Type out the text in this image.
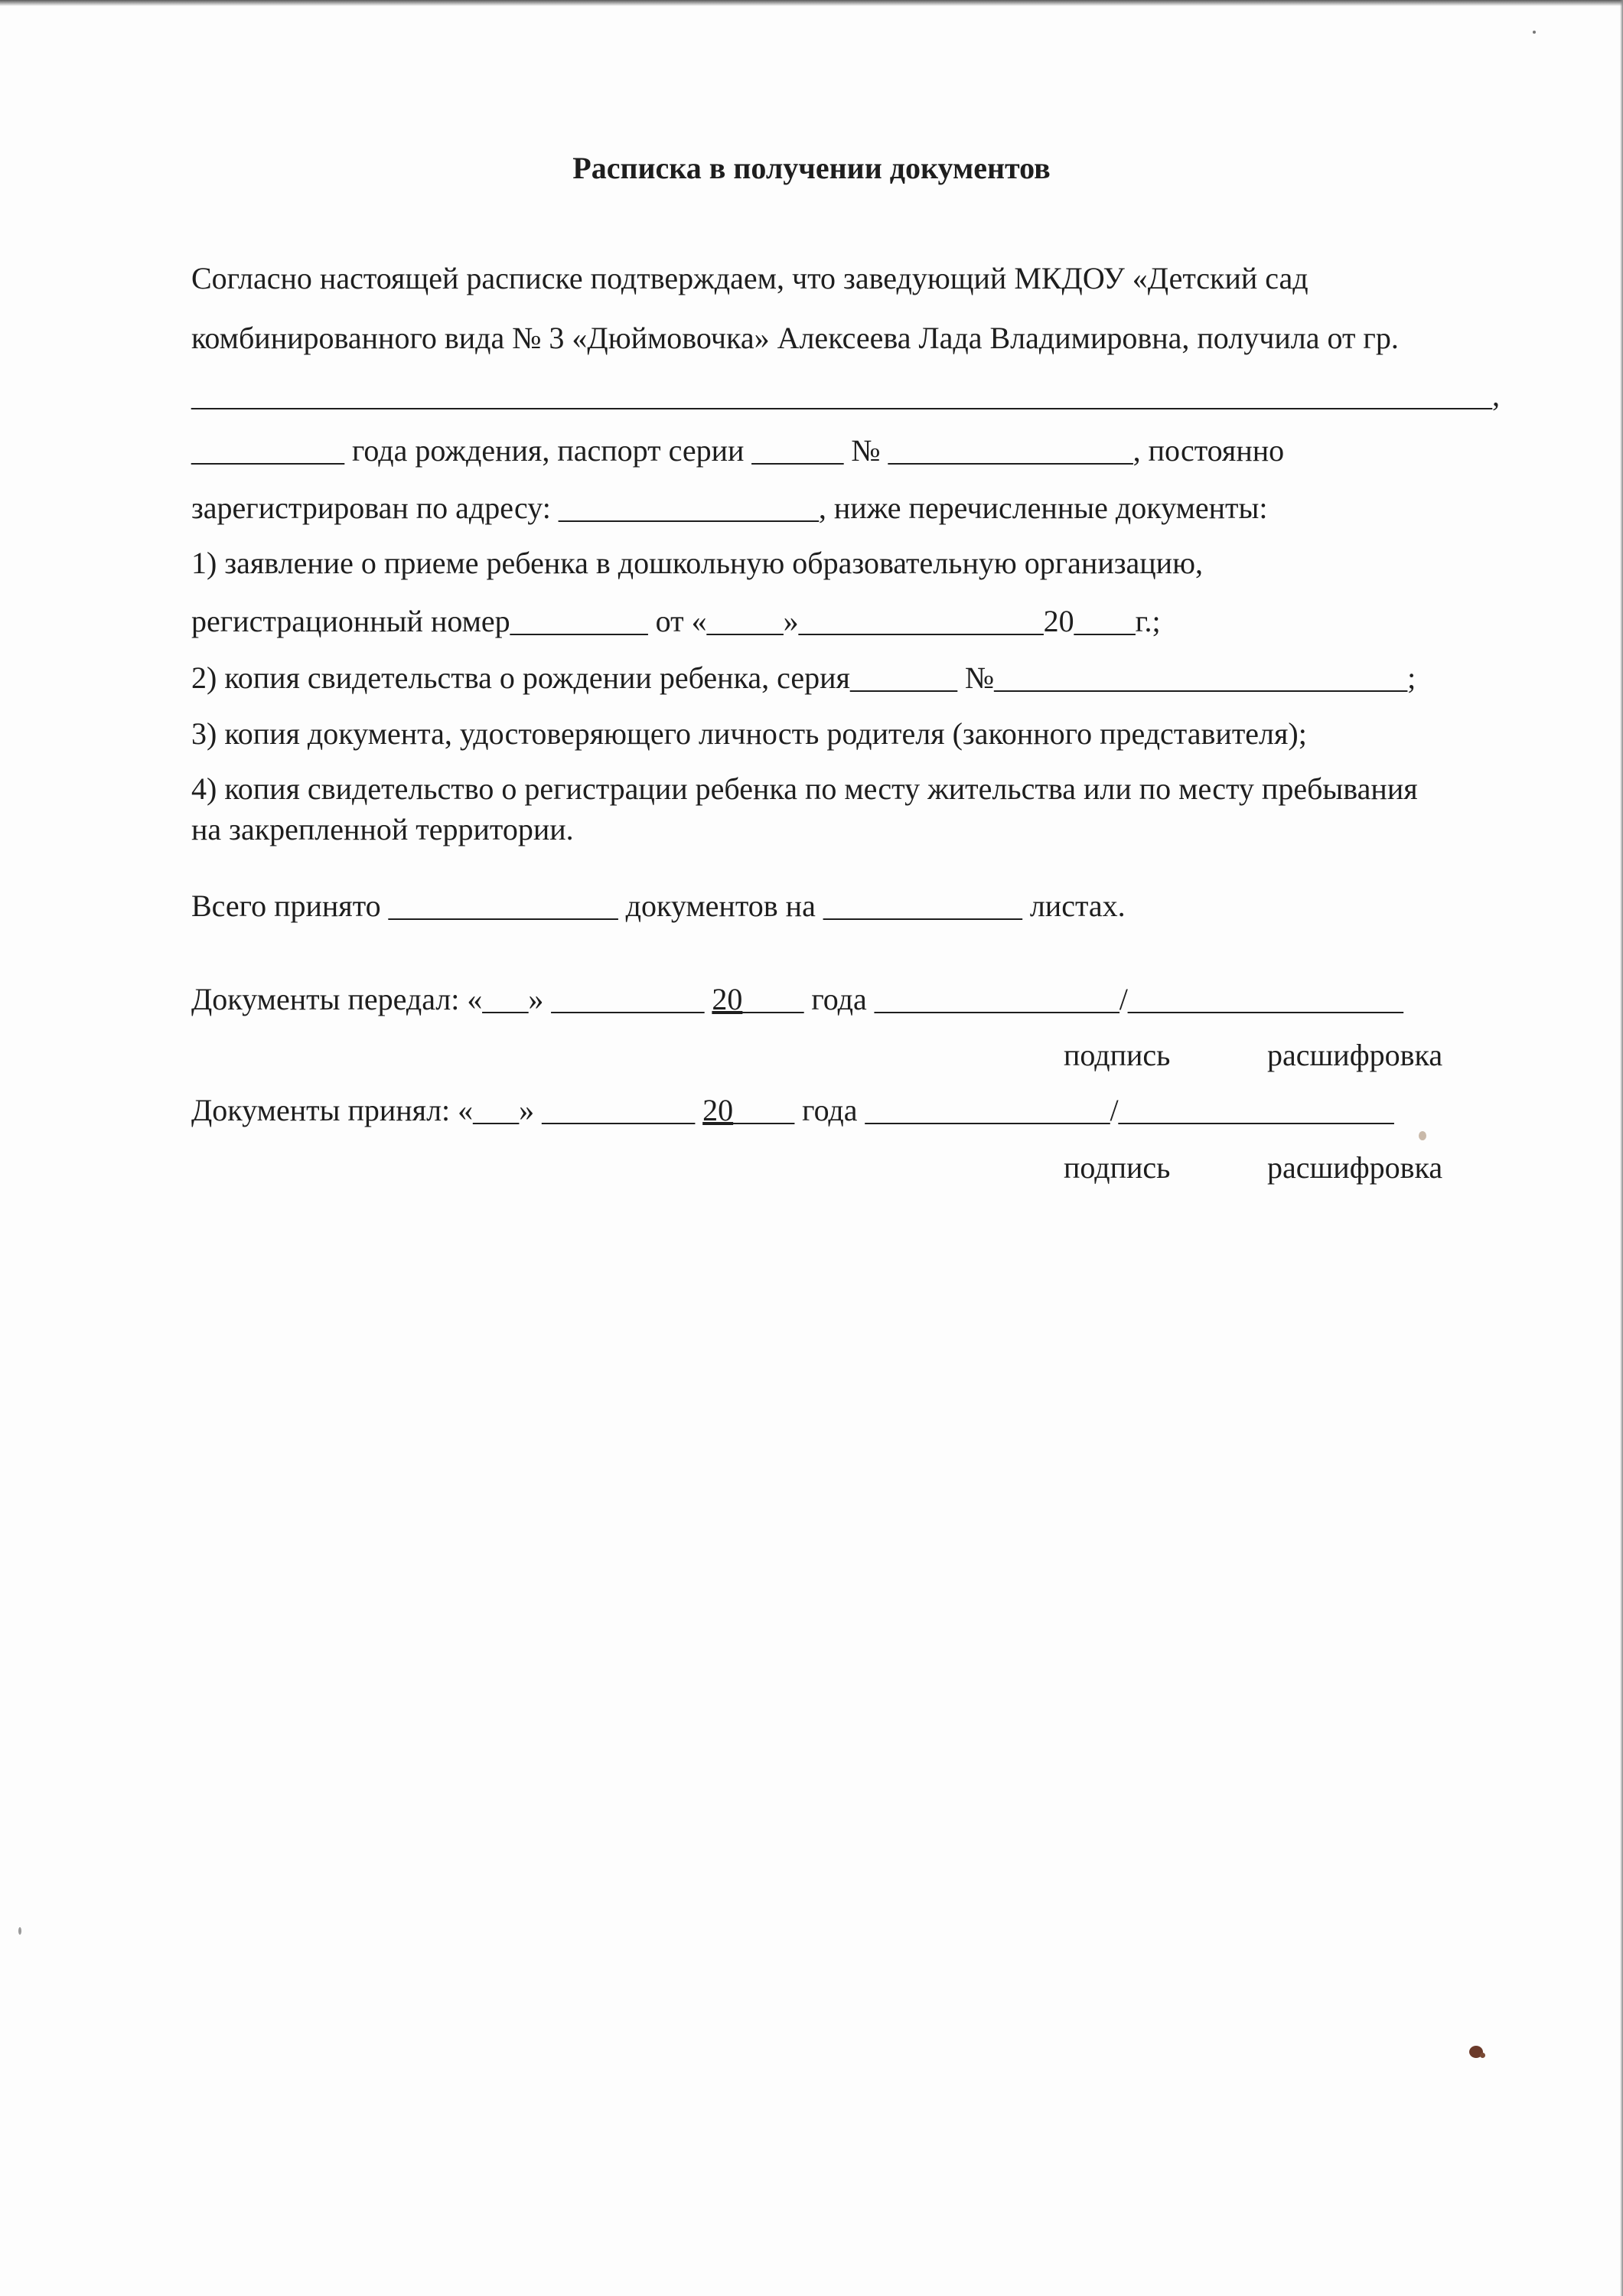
Расписка в получении документов
Согласно настоящей расписке подтверждаем, что заведующий МКДОУ «Детский сад
комбинированного вида № 3 «Дюймовочка» Алексеева Лада Владимировна, получила от гр.
_____________________________________________________________________________________,
__________ года рождения, паспорт серии ______ № ________________, постоянно
зарегистрирован по адресу: _________________, ниже перечисленные документы:
1) заявление о приеме ребенка в дошкольную образовательную организацию,
регистрационный номер_________ от «_____»________________20____г.;
2) копия свидетельства о рождении ребенка, серия_______ №___________________________;
3) копия документа, удостоверяющего личность родителя (законного представителя);
4) копия свидетельство о регистрации ребенка по месту жительства или по месту пребывания
на закрепленной территории.
Всего принято _______________ документов на _____________ листах.
Документы передал: «___» __________ 20____ года ________________/__________________
подпись	расшифровка
Документы принял: «___» __________ 20____ года ________________/__________________
подпись	расшифровка
